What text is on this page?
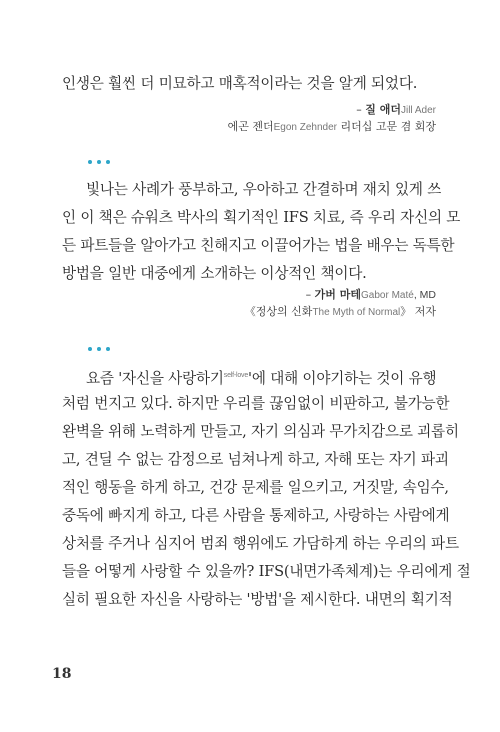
인생은 훨씬 더 미묘하고 매혹적이라는 것을 알게 되었다.
– 질 애더Jill Ader
에곤 젠더Egon Zehnder 리더십 고문 겸 회장
빛나는 사례가 풍부하고, 우아하고 간결하며 재치 있게 쓰
인 이 책은 슈워츠 박사의 획기적인 IFS 치료, 즉 우리 자신의 모
든 파트들을 알아가고 친해지고 이끌어가는 법을 배우는 독특한
방법을 일반 대중에게 소개하는 이상적인 책이다.
– 가버 마테Gabor Maté, MD
《정상의 신화The Myth of Normal》 저자
요즘 '자신을 사랑하기$^{self-love}$'에 대해 이야기하는 것이 유행
처럼 번지고 있다. 하지만 우리를 끊임없이 비판하고, 불가능한
완벽을 위해 노력하게 만들고, 자기 의심과 무가치감으로 괴롭히
고, 견딜 수 없는 감정으로 넘쳐나게 하고, 자해 또는 자기 파괴
적인 행동을 하게 하고, 건강 문제를 일으키고, 거짓말, 속임수,
중독에 빠지게 하고, 다른 사람을 통제하고, 사랑하는 사람에게
상처를 주거나 심지어 범죄 행위에도 가담하게 하는 우리의 파트
들을 어떻게 사랑할 수 있을까? IFS(내면가족체계)는 우리에게 절
실히 필요한 자신을 사랑하는 '방법'을 제시한다. 내면의 획기적
18
